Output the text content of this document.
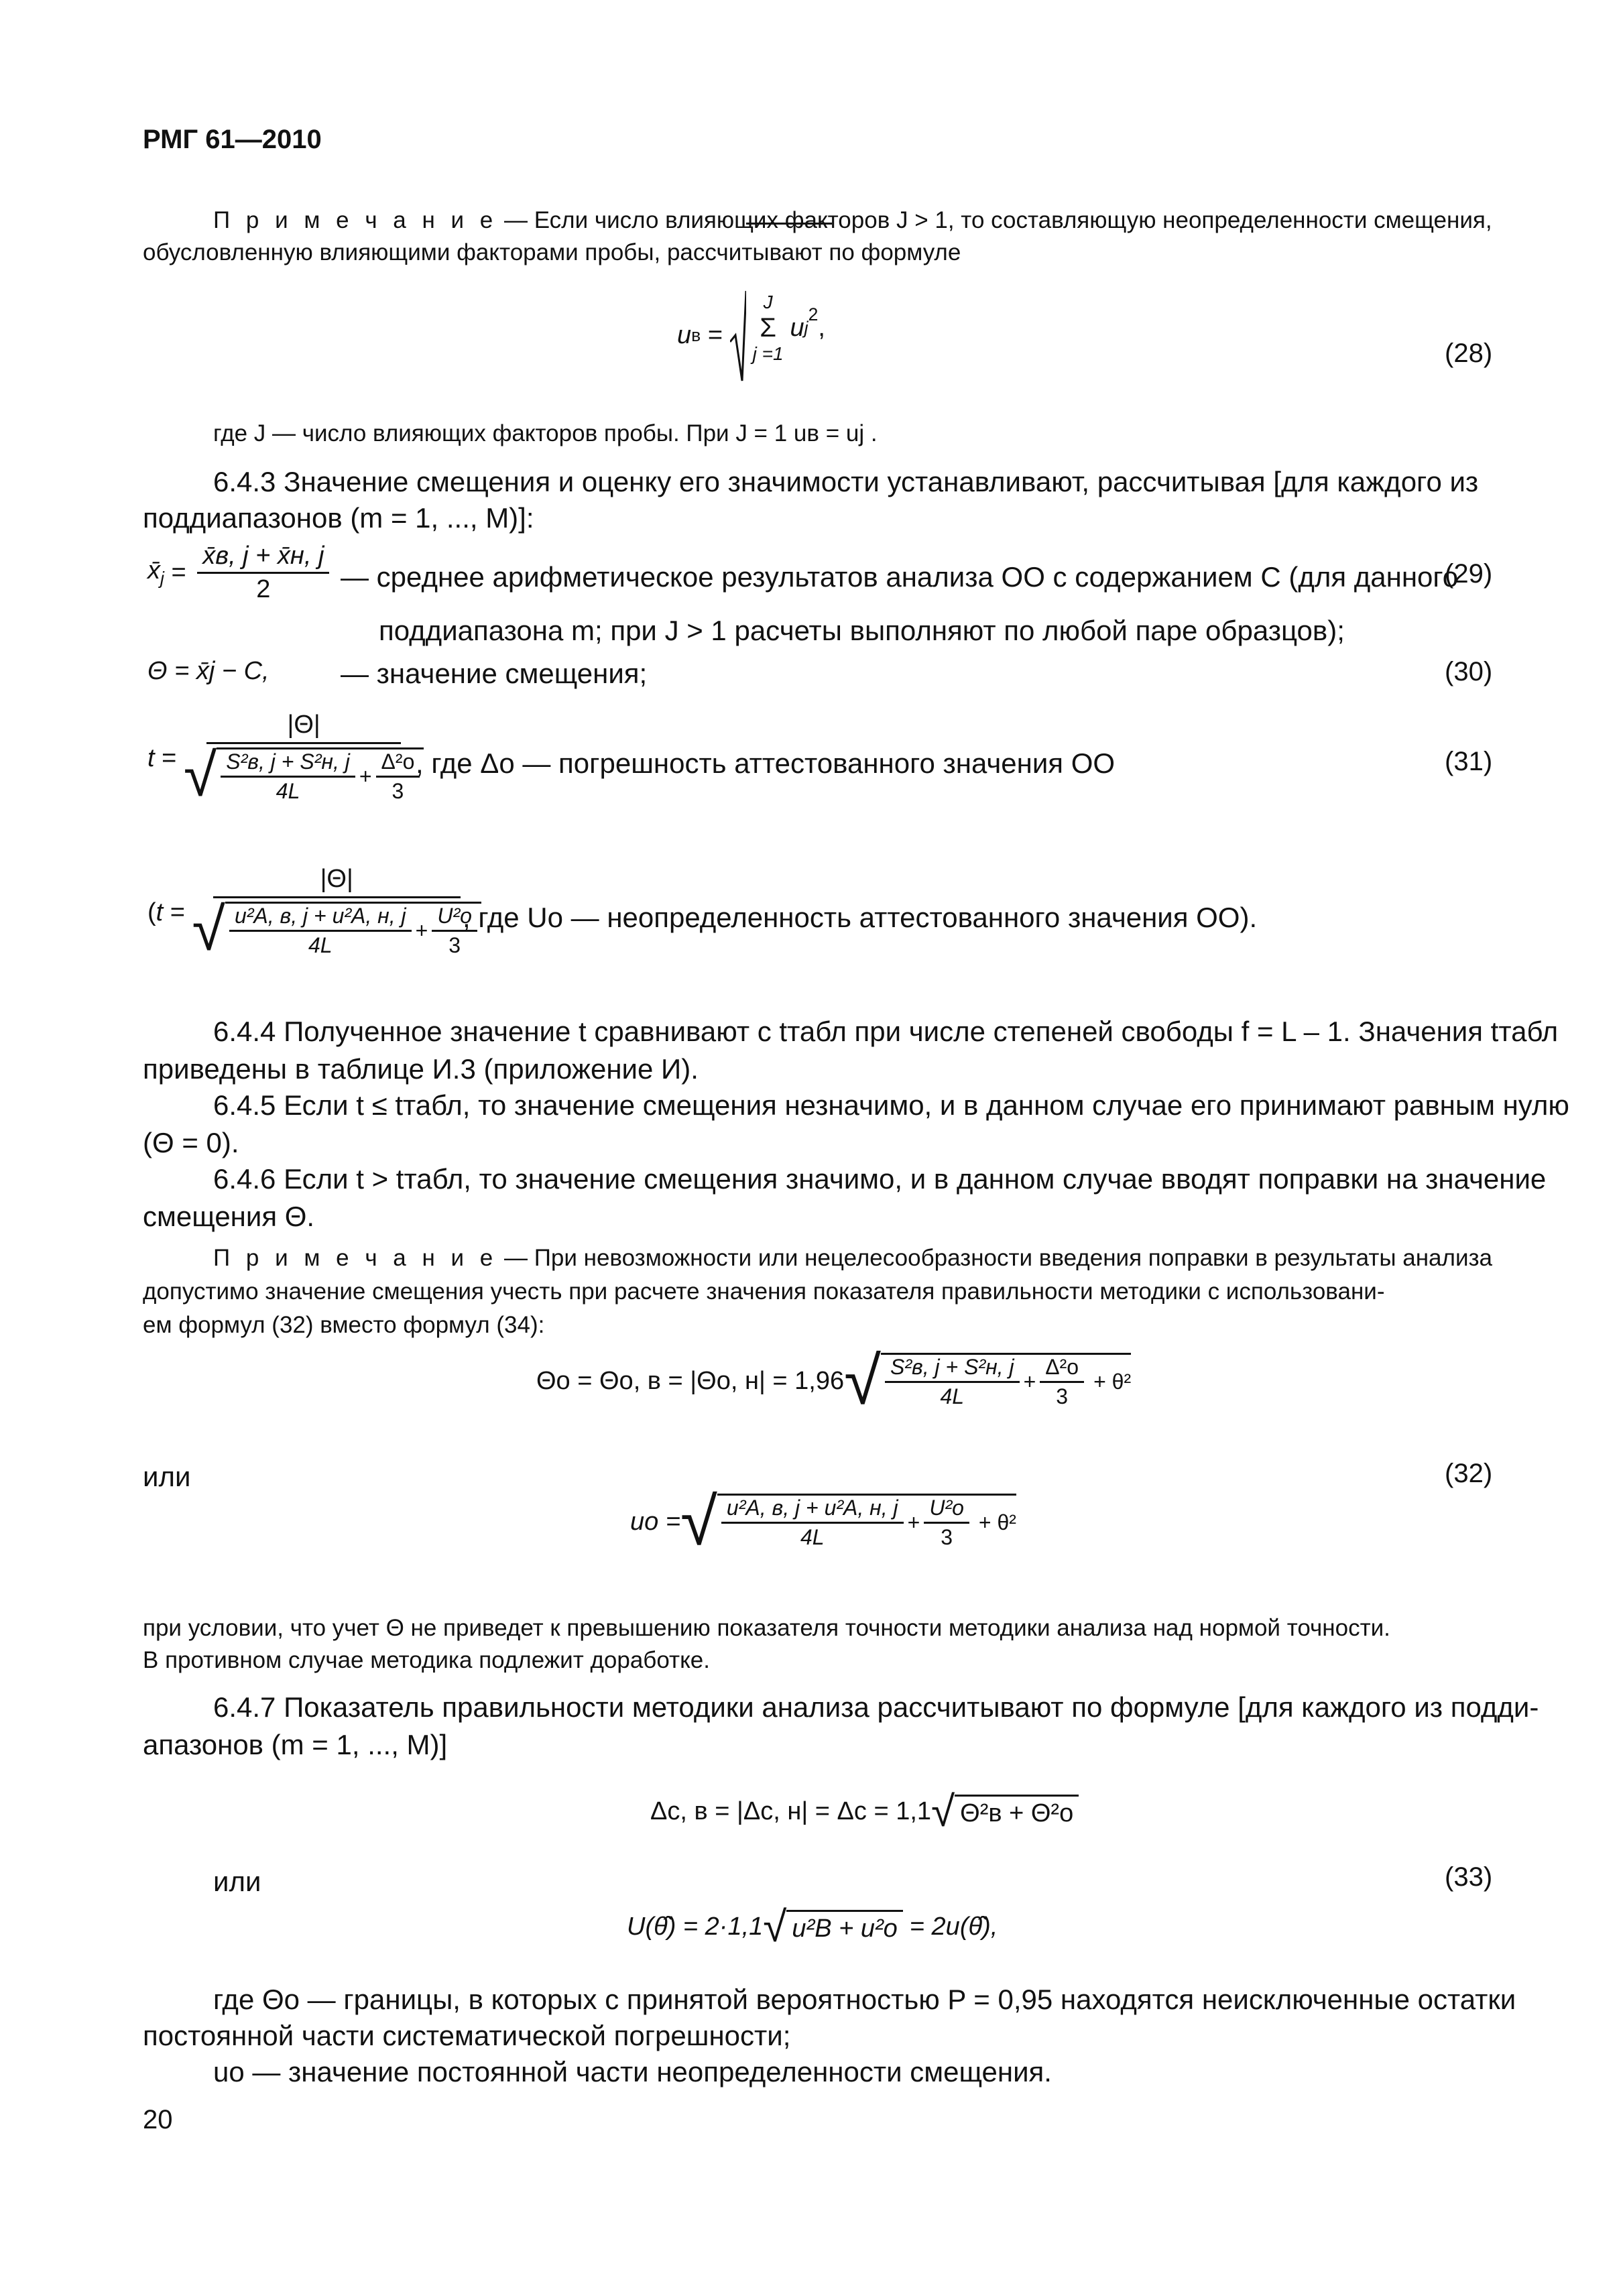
РМГ 61—2010
П р и м е ч а н и е — Если число влияющих факторов J > 1, то составляющую неопределенности смещения,
обусловленную влияющими факторами пробы, рассчитывают по формуле
u в =
J
Σ
j =1
u j
$^2$ ,
(28)
где J — число влияющих факторов пробы. При J = 1 uв = uj .
6.4.3 Значение смещения и оценку его значимости устанавливают, рассчитывая [для каждого из
поддиапазонов (m = 1, ..., M)]:
$x̄_j = \frac{x̄в, j + x̄н, j}{2}$ — среднее арифметическое результатов анализа ОО с содержанием C (для данного
(29)
поддиапазона m; при J > 1 расчеты выполняют по любой паре образцов);
Θ = x̄j − C,	— значение смещения;	(30)
$t = \frac{|\Theta|}{√ \frac{\text{S²в, j + S²н, j}}{4L} + \frac{\text{Δ²о}}{3}}$
, где Δо — погрешность аттестованного значения ОО	(31)
(t =
|Θ|
√ $\frac{\text{u²А, в, j + u²А, н, j}}{4L} + \frac{\text{U²о}}{3}$
, где Uо — неопределенность аттестованного значения ОО).
6.4.4 Полученное значение t сравнивают с tтабл при числе степеней свободы f = L – 1. Значения tтабл
приведены в таблице И.3 (приложение И).
6.4.5 Если t ≤ tтабл, то значение смещения незначимо, и в данном случае его принимают равным нулю
(Θ = 0).
6.4.6 Если t > tтабл, то значение смещения значимо, и в данном случае вводят поправки на значение
смещения Θ.
П р и м е ч а н и е — При невозможности или нецелесообразности введения поправки в результаты анализа
допустимо значение смещения учесть при расчете значения показателя правильности методики с использовани-
ем формул (32) вместо формул (34):
Θо = Θо, в = |Θо, н| = 1,96 √ $\frac{\text{S²в, j + S²н, j}}{4L} + \frac{\text{Δ²о}}{3} + \theta^2$
или	(32)
uо = √ $\frac{\text{u²А, в, j + u²А, н, j}}{4L} + \frac{\text{U²о}}{3} + \theta^2$
при условии, что учет Θ не приведет к превышению показателя точности методики анализа над нормой точности.
В противном случае методика подлежит доработке.
6.4.7 Показатель правильности методики анализа рассчитывают по формуле [для каждого из подди-
апазонов (m = 1, ..., M)]
Δс, в = |Δс, н| = Δс = 1,1 √ Θ²в + Θ²о
или	(33)
U(θ̂) = 2·1,1 √ u²В + u²о = 2u(θ̂),
где Θо — границы, в которых с принятой вероятностью P = 0,95 находятся неисключенные остатки
постоянной части систематической погрешности;
uо — значение постоянной части неопределенности смещения.
20
